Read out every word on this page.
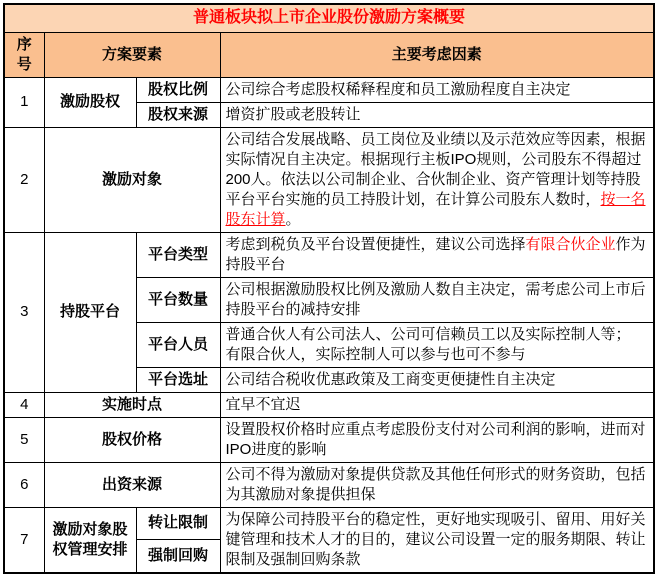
普通板块拟上市企业股份激励方案概要			
序号	方案要素		主要考虑因素
1	激励股权	股权比例	公司综合考虑股权稀释程度和员工激励程度自主决定
		股权来源	增资扩股或老股转让
2	激励对象		公司结合发展战略、员工岗位及业绩以及示范效应等因素，根据实际情况自主决定。根据现行主板IPO规则，公司股东不得超过200人。依法以公司制企业、合伙制企业、资产管理计划等持股平台平台实施的员工持股计划，在计算公司股东人数时，按一名股东计算。
3	持股平台	平台类型	考虑到税负及平台设置便捷性，建议公司选择有限合伙企业作为持股平台
		平台数量	公司根据激励股权比例及激励人数自主决定，需考虑公司上市后持股平台的减持安排
		平台人员	普通合伙人有公司法人、公司可信赖员工以及实际控制人等；　有限合伙人，实际控制人可以参与也可不参与
		平台选址	公司结合税收优惠政策及工商变更便捷性自主决定
4	实施时点		宜早不宜迟
5	股权价格		设置股权价格时应重点考虑股份支付对公司利润的影响，进而对IPO进度的影响
6	出资来源		公司不得为激励对象提供贷款及其他任何形式的财务资助，包括为其激励对象提供担保
7	激励对象股权管理安排	转让限制	为保障公司持股平台的稳定性，更好地实现吸引、留用、用好关键管理和技术人才的目的，建议公司设置一定的服务期限、转让限制及强制回购条款
		强制回购	
